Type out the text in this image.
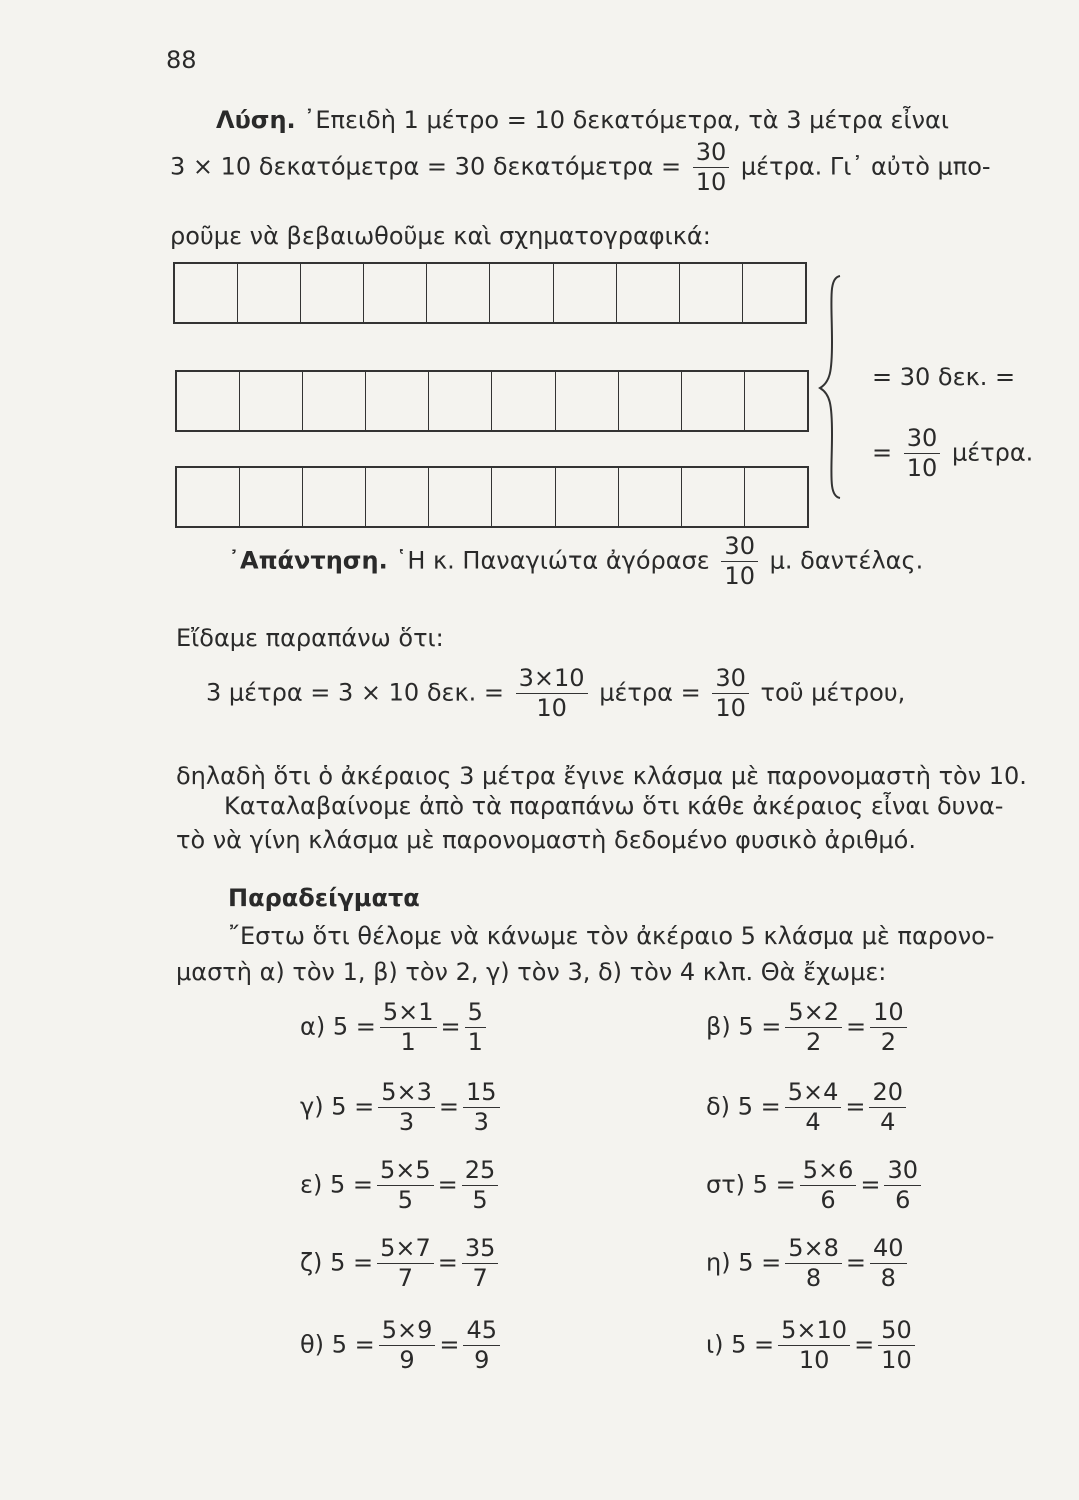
88
Λύση. ᾿Επειδὴ 1 μέτρο = 10 δεκατόμετρα, τὰ 3 μέτρα εἶναι
3 × 10 δεκατόμετρα = 30 $\delta\varepsilon\kappa\alpha\tau ό\mu\varepsilon\tau\rho\alpha = \frac{30}{10} \mu έ\tau\rho\alpha$. Γι᾿ αὐτὸ μπο-
ροῦμε νὰ βεβαιωθοῦμε καὶ σχηματογραφικά:
= 30 δεκ. =
= $\frac{30}{10} \mu έ\tau\rho\alpha$.
᾿Απάντηση. ῾Η κ. Παναγιώτα ἀγόρασε $\frac{30}{10} \mu$. δαντέλας.
Εἴδαμε παραπάνω ὅτι:
3 μέτρα = 3 × 10 δεκ. = $\frac{3\times 10}{10}$ $\mu έ\tau\rho\alpha = \frac{30}{10}$ τοῦ μέτρου,
δηλαδὴ ὅτι ὁ ἀκέραιος 3 μέτρα ἔγινε κλάσμα μὲ παρονομαστὴ τὸν 10.
Καταλαβαίνομε ἀπὸ τὰ παραπάνω ὅτι κάθε ἀκέραιος εἶναι δυνα-
τὸ νὰ γίνη κλάσμα μὲ παρονομαστὴ δεδομένο φυσικὸ ἀριθμό.
Παραδείγματα
῎Εστω ὅτι θέλομε νὰ κάνωμε τὸν ἀκέραιο 5 κλάσμα μὲ παρονο-
μαστὴ α) τὸν 1, β) τὸν 2, γ) τὸν 3, δ) τὸν 4 κλπ. Θὰ ἔχωμε:
α) $5 = \frac{5\times 1}{1} = \frac{5}{1}$	β) $5 = \frac{5\times 2}{2} = \frac{10}{2}$
γ) $5 = \frac{5\times 3}{3} = \frac{15}{3}$	δ) $5 = \frac{5\times 4}{4} = \frac{20}{4}$
ε) $5 = \frac{5\times 5}{5} = \frac{25}{5}$	στ) $5 = \frac{5\times 6}{6} = \frac{30}{6}$
ζ) $5 = \frac{5\times 7}{7} = \frac{35}{7}$	η) $5 = \frac{5\times 8}{8} = \frac{40}{8}$
θ) $5 = \frac{5\times 9}{9} = \frac{45}{9}$	ι) $5 = \frac{5\times 10}{10} = \frac{50}{10}$
